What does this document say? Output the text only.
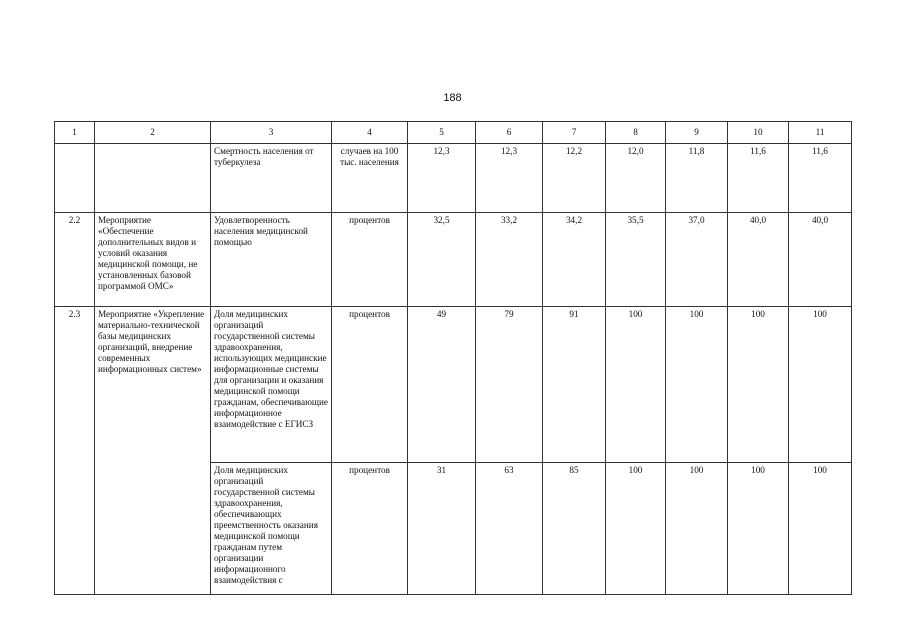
188
1	2	3	4	5	6	7	8	9	10	11
		Смертность населения от туберкулеза	случаев на 100 тыс. населения	12,3	12,3	12,2	12,0	11,8	11,6	11,6
2.2	Мероприятие «Обеспечение дополнительных видов и условий оказания медицинской помощи, не установленных базовой программой ОМС»	Удовлетворенность населения медицинской помощью	процентов	32,5	33,2	34,2	35,5	37,0	40,0	40,0
2.3	Мероприятие «Укрепление материально-технической базы медицинских организаций, внедрение современных информационных систем»	Доля медицинских организаций государственной системы здравоохранения, использующих медицинские информационные системы для организации и оказания медицинской помощи гражданам, обеспечивающие информационное взаимодействие с ЕГИСЗ	процентов	49	79	91	100	100	100	100
		Доля медицинских организаций государственной системы здравоохранения, обеспечивающих преемственность оказания медицинской помощи гражданам путем организации информационного взаимодействия с	процентов	31	63	85	100	100	100	100
